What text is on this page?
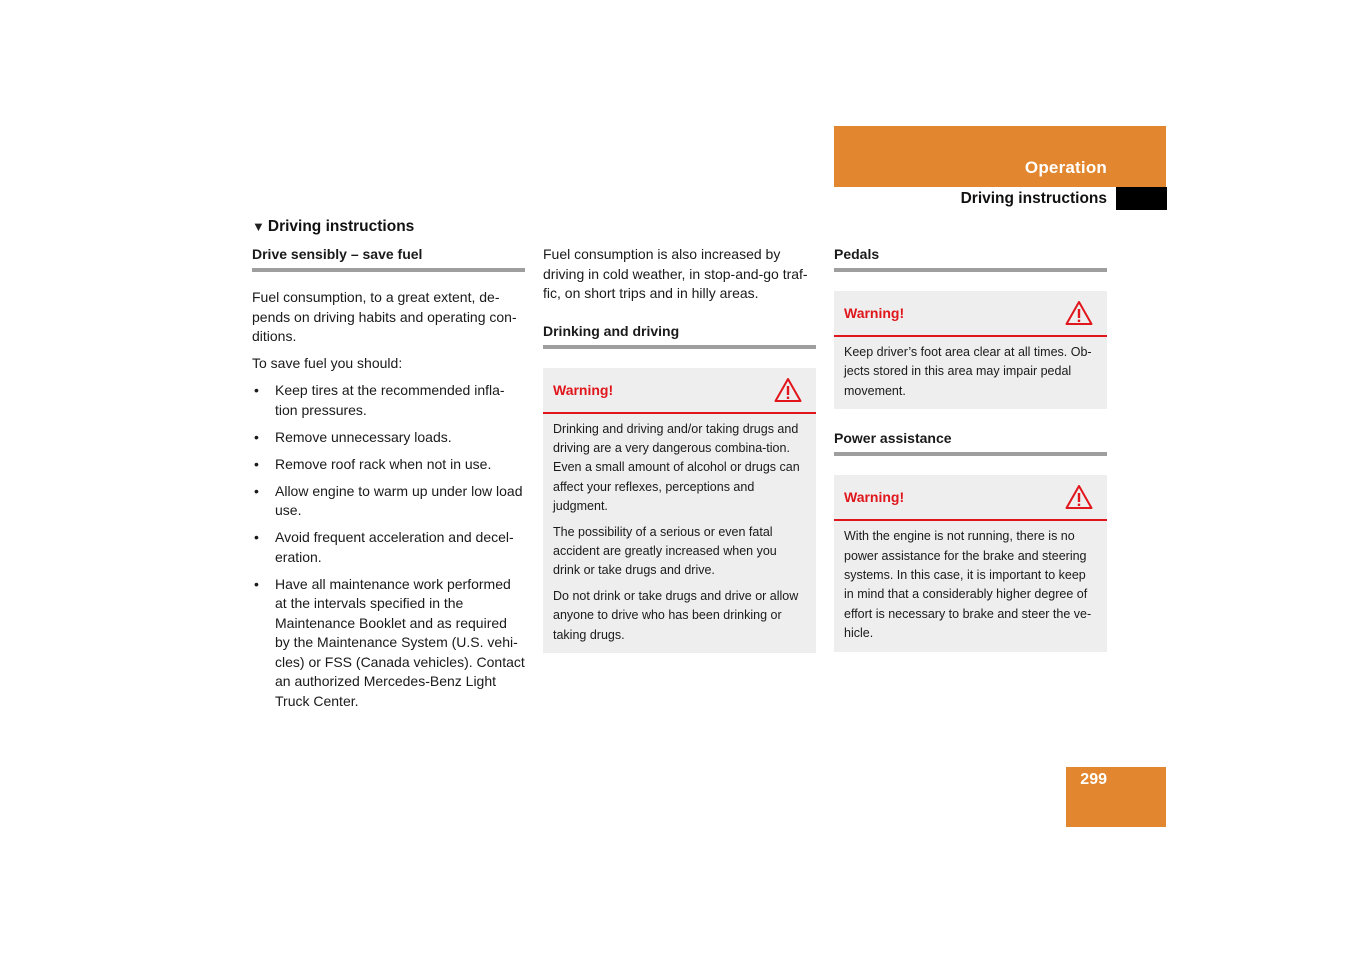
Operation
Driving instructions
▼ Driving instructions
Drive sensibly – save fuel

Fuel consumption, to a great extent, de-pends on driving habits and operating con-ditions.

To save fuel you should:

• Keep tires at the recommended infla-tion pressures.
• Remove unnecessary loads.
• Remove roof rack when not in use.
• Allow engine to warm up under low load use.
• Avoid frequent acceleration and decel-eration.
• Have all maintenance work performed at the intervals specified in the Maintenance Booklet and as required by the Maintenance System (U.S. vehi-cles) or FSS (Canada vehicles). Contact an authorized Mercedes-Benz Light Truck Center.

Fuel consumption is also increased by driving in cold weather, in stop-and-go traf-fic, on short trips and in hilly areas.

Drinking and driving
Warning!

Drinking and driving and/or taking drugs and driving are a very dangerous combina-tion. Even a small amount of alcohol or drugs can affect your reflexes, perceptions and judgment.

The possibility of a serious or even fatal accident are greatly increased when you drink or take drugs and drive.

Do not drink or take drugs and drive or allow anyone to drive who has been drinking or taking drugs.

Pedals
Warning!

Keep driver’s foot area clear at all times. Ob-jects stored in this area may impair pedal movement.

Power assistance
Warning!

With the engine is not running, there is no power assistance for the brake and steering systems. In this case, it is important to keep in mind that a considerably higher degree of effort is necessary to brake and steer the ve-hicle.

299
